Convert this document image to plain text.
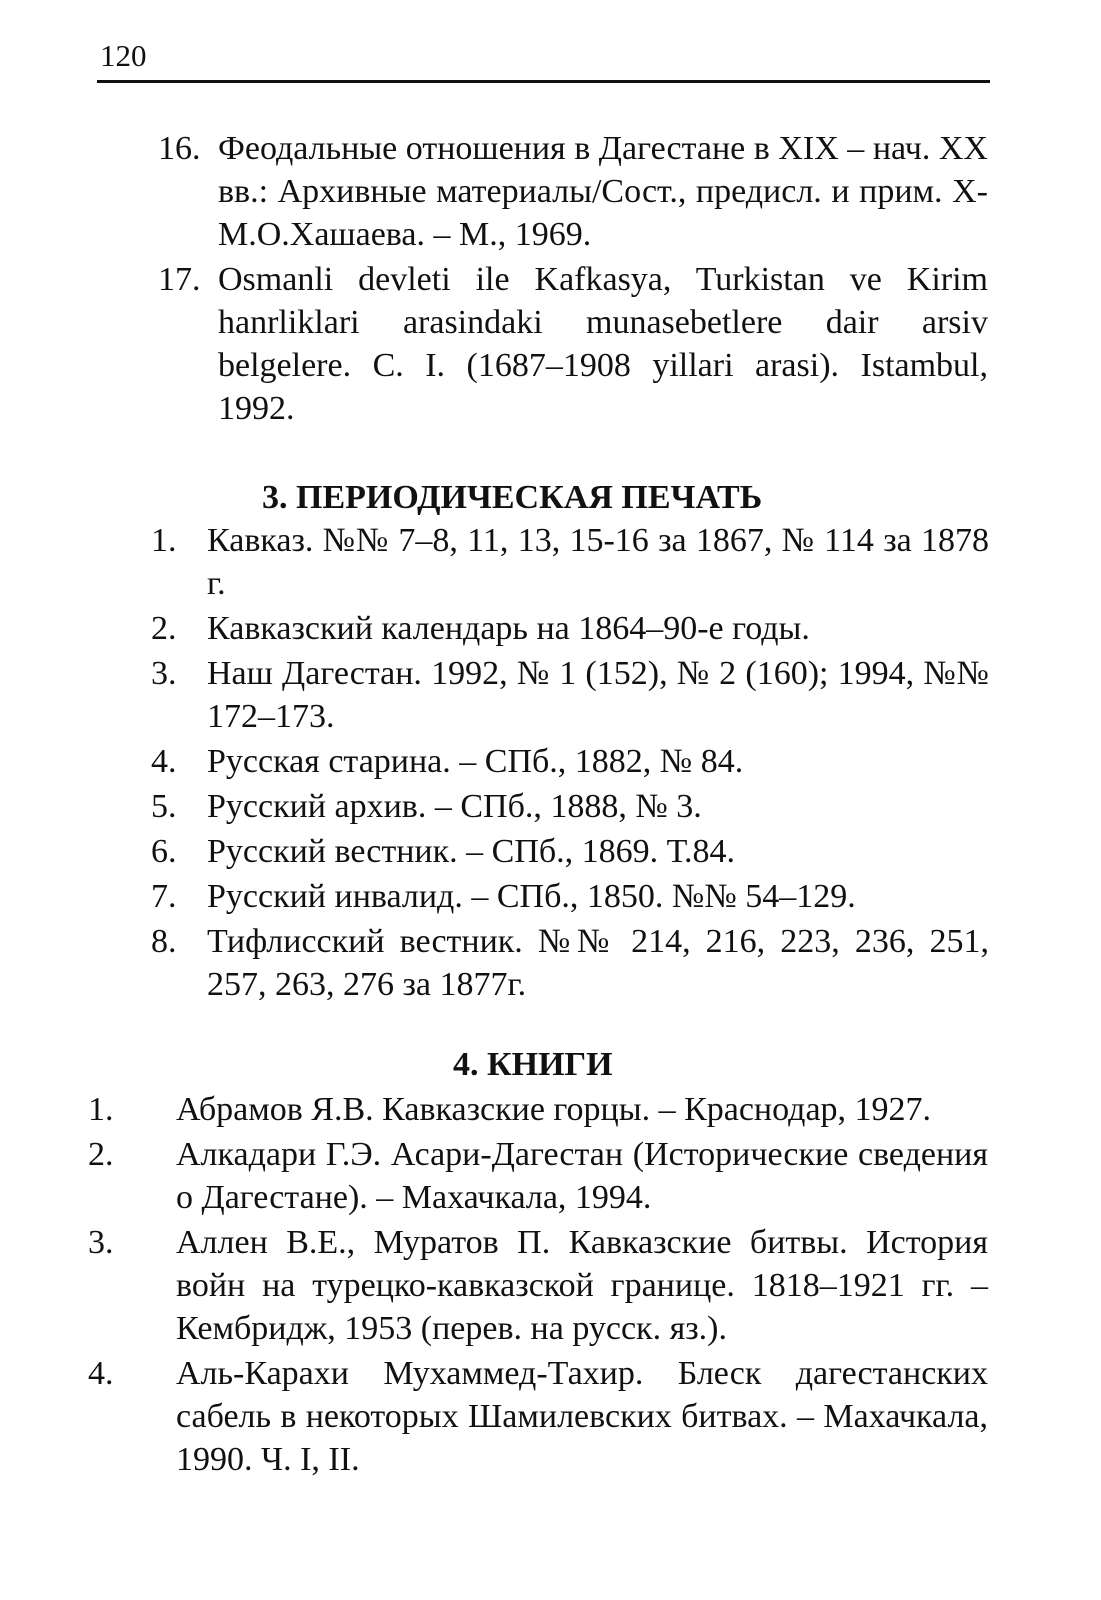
120
16. Феодальные отношения в Дагестане в XIX – нач. XX вв.: Архивные материалы/Сост., предисл. и прим. Х-М.О.Хашаева. – М., 1969.
17. Osmanli devleti ile Kafkasya, Turkistan ve Kirim hanrliklari arasindaki munasebetlere dair arsiv belgelere. C. I. (1687–1908 yillari arasi). Istambul, 1992.
3. ПЕРИОДИЧЕСКАЯ ПЕЧАТЬ
1. Кавказ. №№ 7–8, 11, 13, 15-16 за 1867, № 114 за 1878 г.
2. Кавказский календарь на 1864–90-е годы.
3. Наш Дагестан. 1992, № 1 (152), № 2 (160); 1994, №№ 172–173.
4. Русская старина. – СПб., 1882, № 84.
5. Русский архив. – СПб., 1888, № 3.
6. Русский вестник. – СПб., 1869. Т.84.
7. Русский инвалид. – СПб., 1850. №№ 54–129.
8. Тифлисский вестник. №№ 214, 216, 223, 236, 251, 257, 263, 276 за 1877г.
4. КНИГИ
1. Абрамов Я.В. Кавказские горцы. – Краснодар, 1927.
2. Алкадари Г.Э. Асари-Дагестан (Исторические сведения о Дагестане). – Махачкала, 1994.
3. Аллен В.Е., Муратов П. Кавказские битвы. История войн на турецко-кавказской границе. 1818–1921 гг. – Кембридж, 1953 (перев. на русск. яз.).
4. Аль-Карахи Мухаммед-Тахир. Блеск дагестанских сабель в некоторых Шамилевских битвах. – Махачкала, 1990. Ч. I, II.
